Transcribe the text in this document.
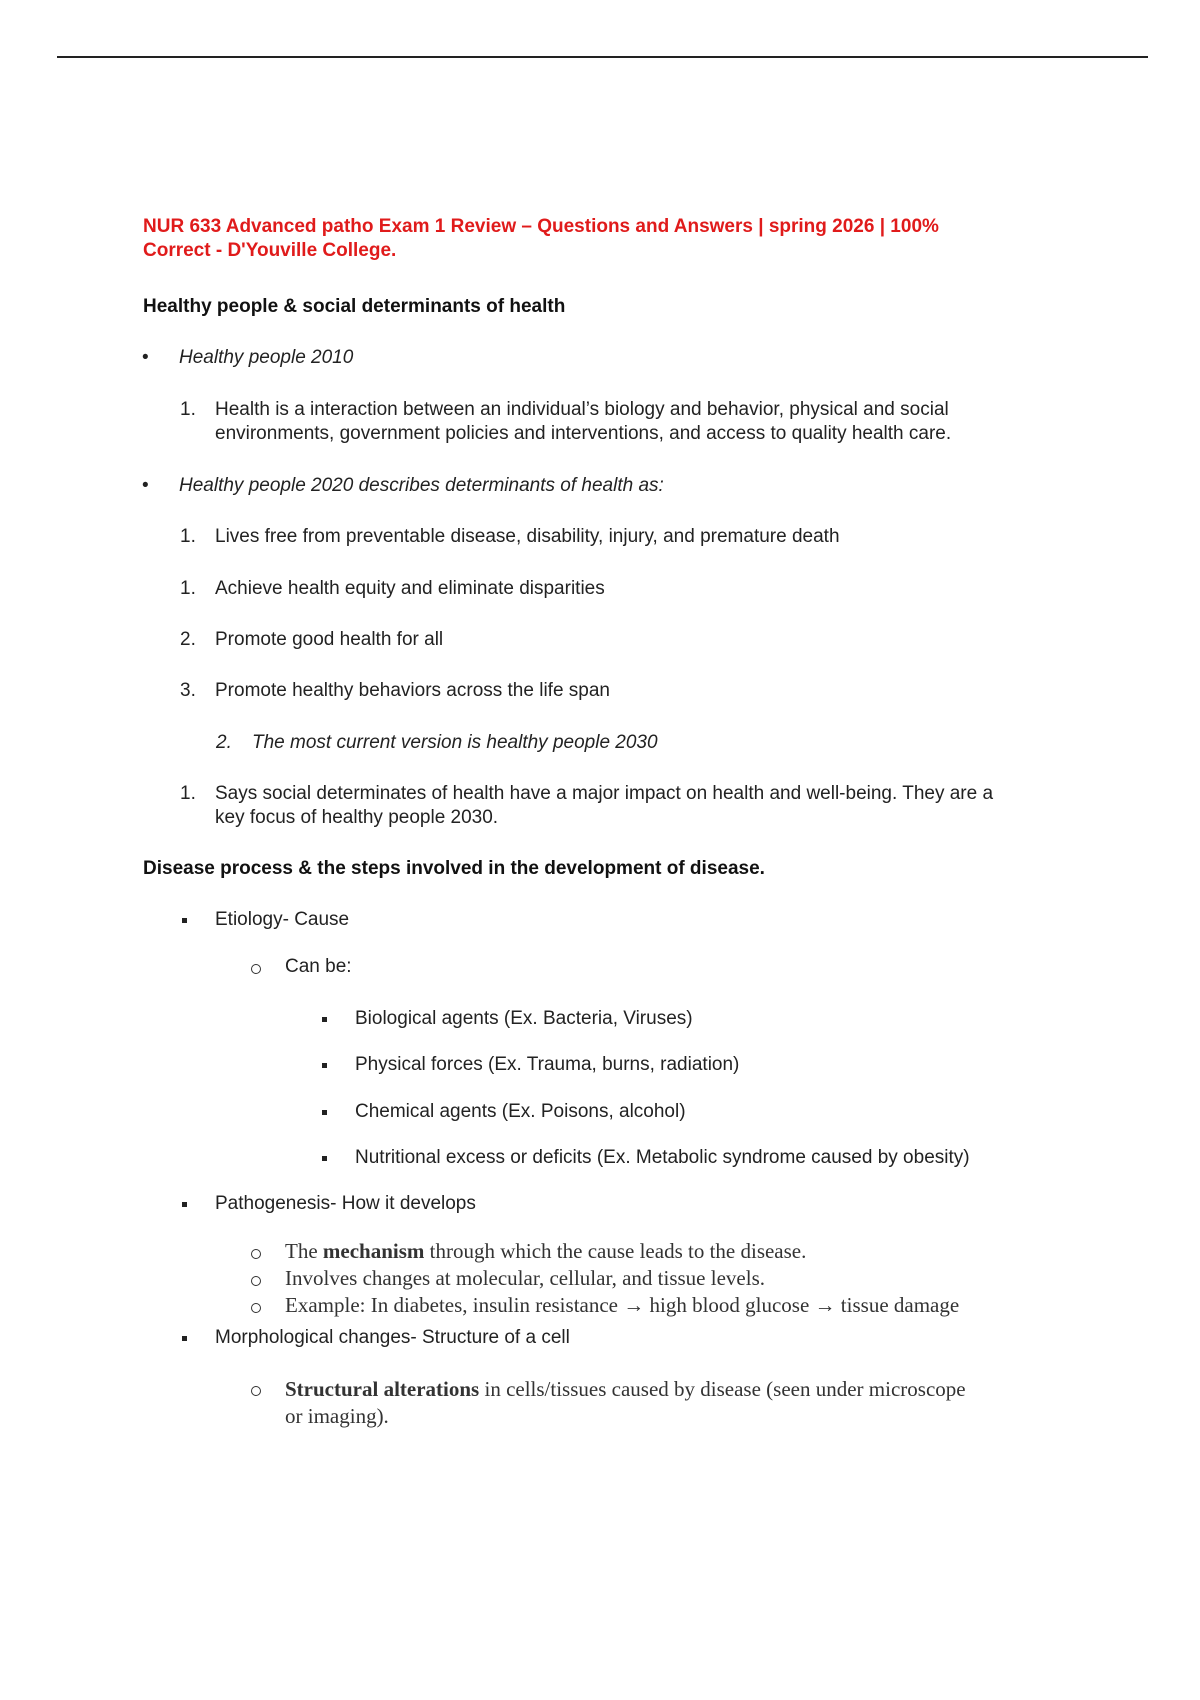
NUR 633 Advanced patho Exam 1 Review – Questions and Answers | spring 2026 | 100%
Correct - D'Youville College.
Healthy people & social determinants of health
• Healthy people 2010
1. Health is a interaction between an individual’s biology and behavior, physical and social
environments, government policies and interventions, and access to quality health care.
• Healthy people 2020 describes determinants of health as:
1. Lives free from preventable disease, disability, injury, and premature death
1. Achieve health equity and eliminate disparities
2. Promote good health for all
3. Promote healthy behaviors across the life span
2. The most current version is healthy people 2030
1. Says social determinates of health have a major impact on health and well-being. They are a
key focus of healthy people 2030.
Disease process & the steps involved in the development of disease.
Etiology- Cause
Can be:
Biological agents (Ex. Bacteria, Viruses)
Physical forces (Ex. Trauma, burns, radiation)
Chemical agents (Ex. Poisons, alcohol)
Nutritional excess or deficits (Ex. Metabolic syndrome caused by obesity)
Pathogenesis- How it develops
The mechanism through which the cause leads to the disease.
Involves changes at molecular, cellular, and tissue levels.
Example: In diabetes, insulin resistance → high blood glucose → tissue damage
Morphological changes- Structure of a cell
Structural alterations in cells/tissues caused by disease (seen under microscope
or imaging).
